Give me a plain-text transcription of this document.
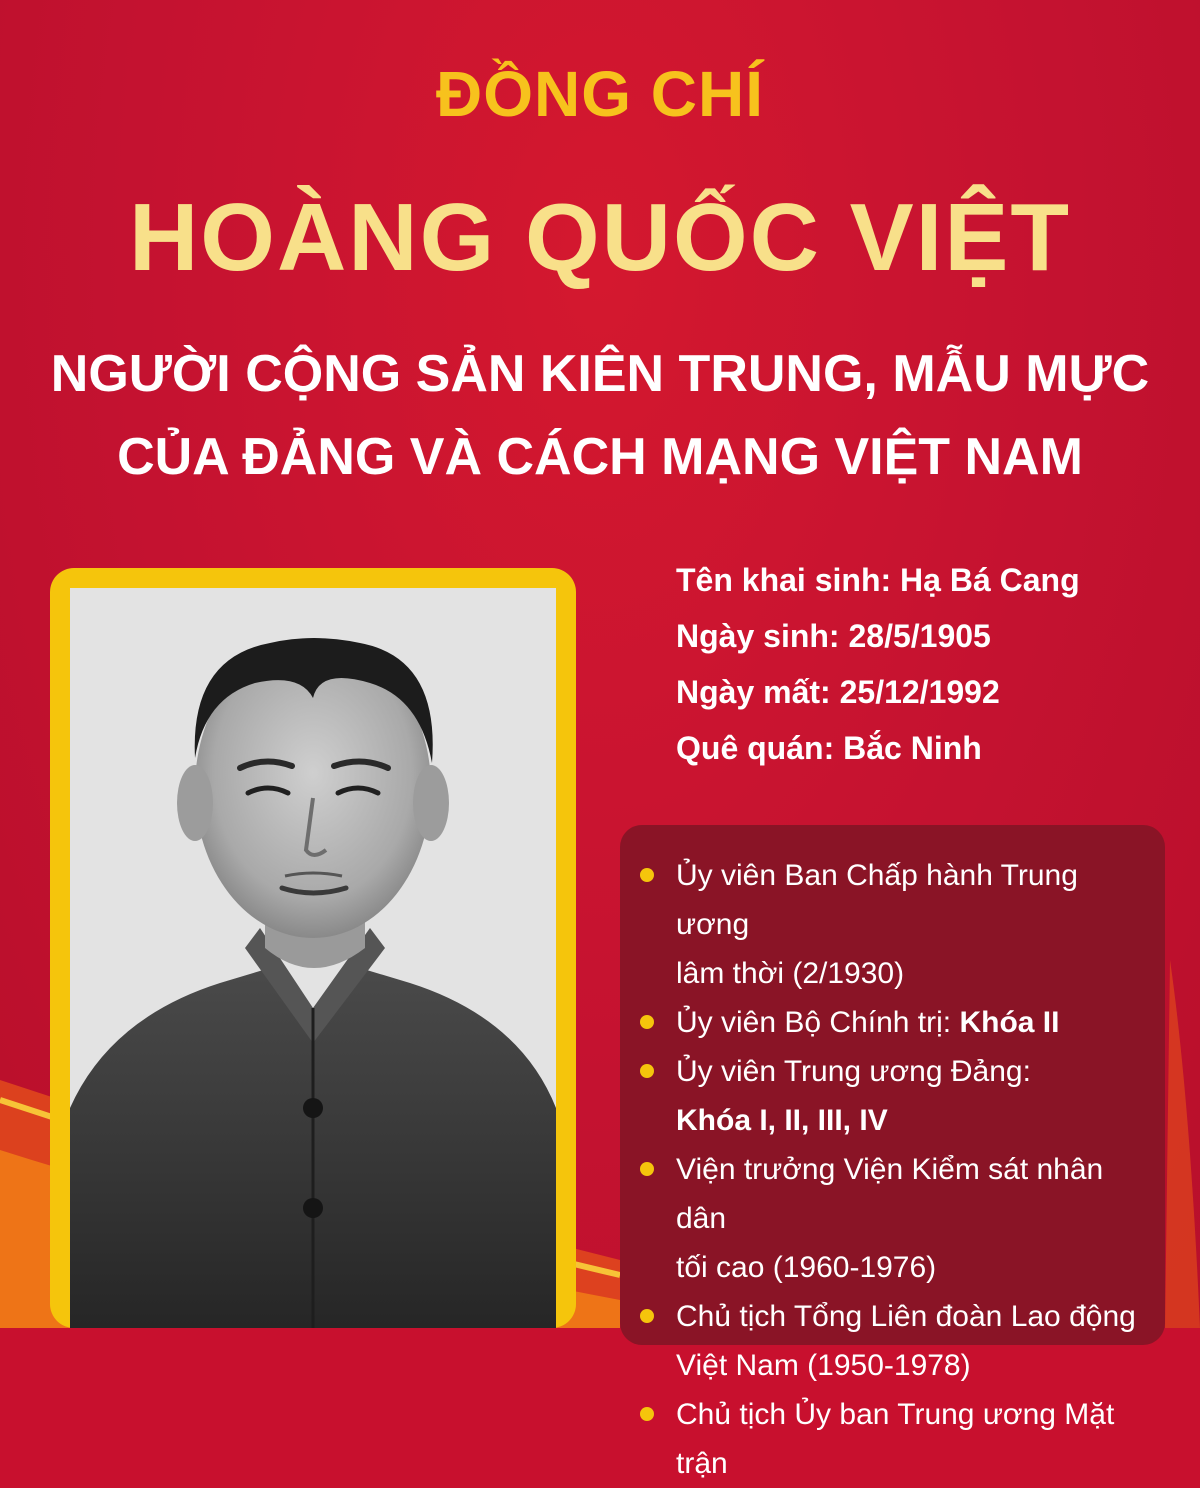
ĐỒNG CHÍ
HOÀNG QUỐC VIỆT
NGƯỜI CỘNG SẢN KIÊN TRUNG, MẪU MỰC
CỦA ĐẢNG VÀ CÁCH MẠNG VIỆT NAM
Tên khai sinh: Hạ Bá Cang
Ngày sinh: 28/5/1905
Ngày mất: 25/12/1992
Quê quán: Bắc Ninh
Ủy viên Ban Chấp hành Trung ương
lâm thời (2/1930)
Ủy viên Bộ Chính trị: Khóa II
Ủy viên Trung ương Đảng:
Khóa I, II, III, IV
Viện trưởng Viện Kiểm sát nhân dân
tối cao (1960-1976)
Chủ tịch Tổng Liên đoàn Lao động
Việt Nam (1950-1978)
Chủ tịch Ủy ban Trung ương Mặt trận
